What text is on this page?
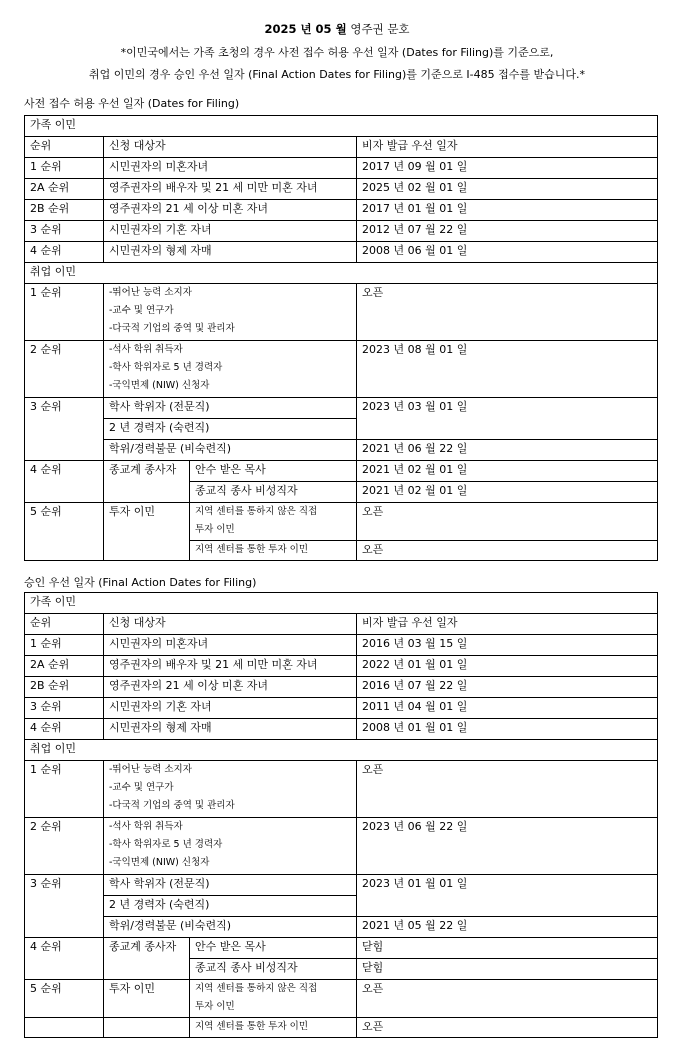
2025 년 05 월 영주권 문호
*이민국에서는 가족 초청의 경우 사전 접수 허용 우선 일자 (Dates for Filing)를 기준으로,
취업 이민의 경우 승인 우선 일자 (Final Action Dates for Filing)를 기준으로 I-485 접수를 받습니다.*
사전 접수 허용 우선 일자 (Dates for Filing)
가족 이민			
순위	신청 대상자		비자 발급 우선 일자
1 순위	시민권자의 미혼자녀		2017 년 09 월 01 일
2A 순위	영주권자의 배우자 및 21 세 미만 미혼 자녀		2025 년 02 월 01 일
2B 순위	영주권자의 21 세 이상 미혼 자녀		2017 년 01 월 01 일
3 순위	시민권자의 기혼 자녀		2012 년 07 월 22 일
4 순위	시민권자의 형제 자매		2008 년 06 월 01 일
취업 이민			
1 순위	-뛰어난 능력 소지자
-교수 및 연구가
-다국적 기업의 중역 및 관리자		오픈
2 순위	-석사 학위 취득자
-학사 학위자로 5 년 경력자
-국익면제 (NIW) 신청자		2023 년 08 월 01 일
3 순위	학사 학위자 (전문직)		2023 년 03 월 01 일
	2 년 경력자 (숙련직)		
	학위/경력불문 (비숙련직)		2021 년 06 월 22 일
4 순위	종교계 종사자	안수 받은 목사	2021 년 02 월 01 일
		종교직 종사 비성직자	2021 년 02 월 01 일
5 순위	투자 이민	지역 센터를 통하지 않은 직접
투자 이민	오픈
		지역 센터를 통한 투자 이민	오픈
승인 우선 일자 (Final Action Dates for Filing)
가족 이민			
순위	신청 대상자		비자 발급 우선 일자
1 순위	시민권자의 미혼자녀		2016 년 03 월 15 일
2A 순위	영주권자의 배우자 및 21 세 미만 미혼 자녀		2022 년 01 월 01 일
2B 순위	영주권자의 21 세 이상 미혼 자녀		2016 년 07 월 22 일
3 순위	시민권자의 기혼 자녀		2011 년 04 월 01 일
4 순위	시민권자의 형제 자매		2008 년 01 월 01 일
취업 이민			
1 순위	-뛰어난 능력 소지자
-교수 및 연구가
-다국적 기업의 중역 및 관리자		오픈
2 순위	-석사 학위 취득자
-학사 학위자로 5 년 경력자
-국익면제 (NIW) 신청자		2023 년 06 월 22 일
3 순위	학사 학위자 (전문직)		2023 년 01 월 01 일
	2 년 경력자 (숙련직)		
	학위/경력불문 (비숙련직)		2021 년 05 월 22 일
4 순위	종교계 종사자	안수 받은 목사	닫힘
		종교직 종사 비성직자	닫힘
5 순위	투자 이민	지역 센터를 통하지 않은 직접
투자 이민	오픈
		지역 센터를 통한 투자 이민	오픈
